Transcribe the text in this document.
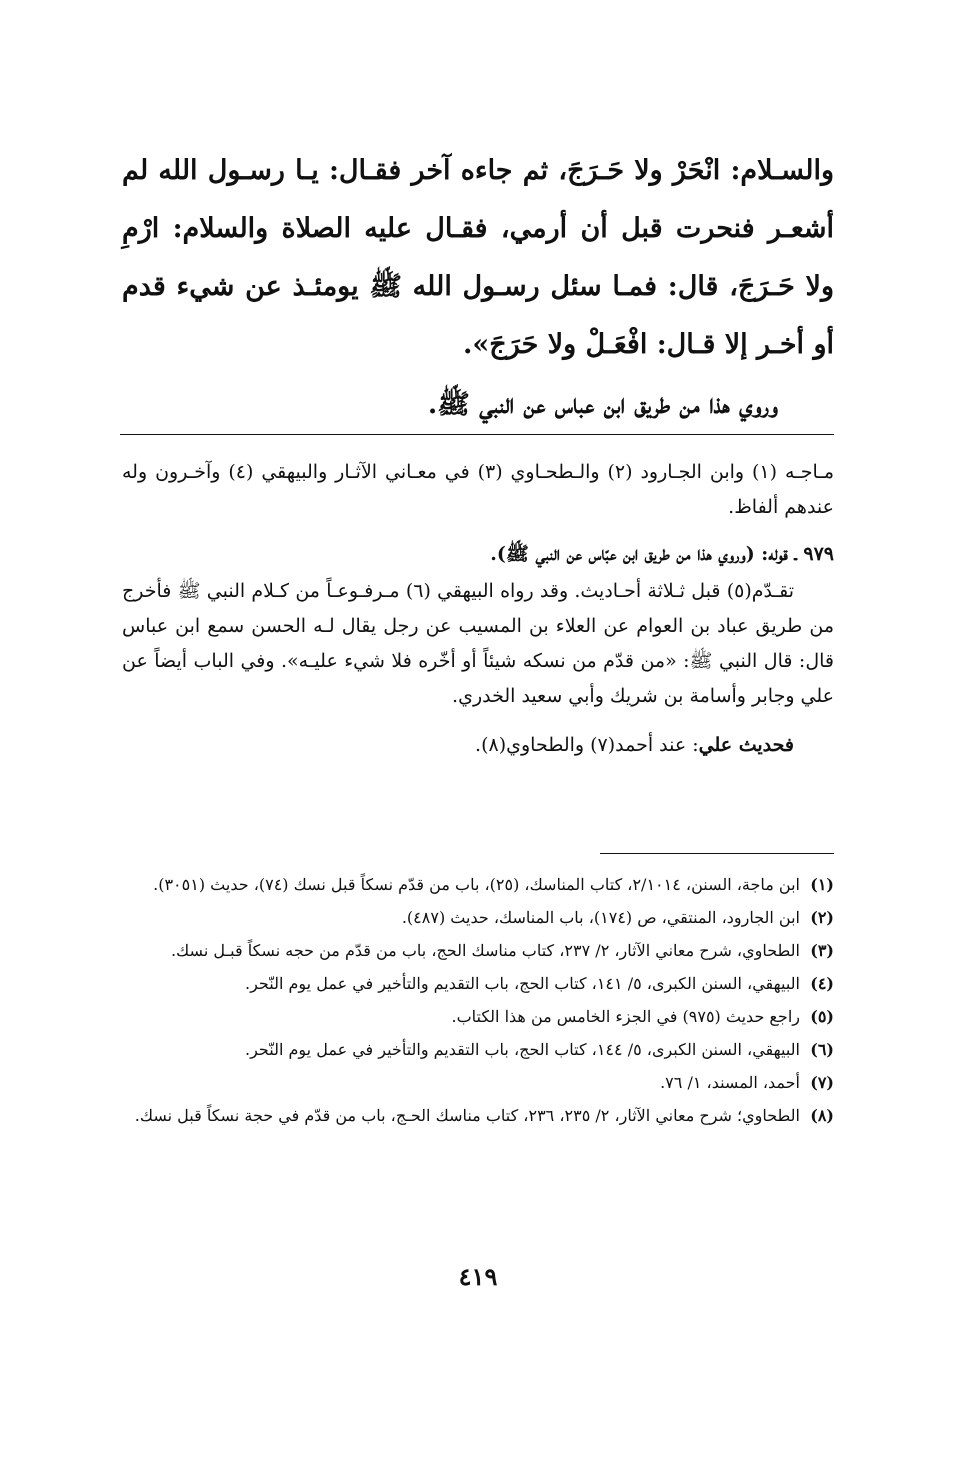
والسـلام: انْحَرْ ولا حَـرَجَ، ثم جاءه آخر فقـال: يـا رسـول الله لم أشعـر فنحرت قبل أن أرمي، فقـال عليه الصلاة والسلام: ارْمِ ولا حَـرَجَ، قال: فمـا سئل رسـول الله ﷺ يومئـذ عن شيء قدم أو أخـر إلا قـال: افْعَـلْ ولا حَرَجَ».

وروي هذا من طريق ابن عباس عن النبي ﷺ.

مـاجـه (١) وابن الجـارود (٢) والـطحـاوي (٣) في معـاني الآثـار والبيهقي (٤) وآخـرون وله عندهم ألفاظ.

٩٧٩ ـ قوله: (وروي هذا من طريق ابن عبّاس عن النبي ﷺ).

تقـدّم(٥) قبل ثـلاثة أحـاديث. وقد رواه البيهقي (٦) مـرفـوعـاً من كـلام النبي ﷺ فأخرج من طريق عباد بن العوام عن العلاء بن المسيب عن رجل يقال لـه الحسن سمع ابن عباس قال: قال النبي ﷺ: «من قدّم من نسكه شيئاً أو أخّره فلا شيء عليـه». وفي الباب أيضاً عن علي وجابر وأسامة بن شريك وأبي سعيد الخدري.

فحديث علي: عند أحمد(٧) والطحاوي(٨).

(١)
ابن ماجة، السنن، ٢/١٠١٤، كتاب المناسك، (٢٥)، باب من قدّم نسكاً قبل نسك (٧٤)، حديث (٣٠٥١).
(٢)
ابن الجارود، المنتقي، ص (١٧٤)، باب المناسك، حديث (٤٨٧).
(٣)
الطحاوي، شرح معاني الآثار، ٢/ ٢٣٧، كتاب مناسك الحج، باب من قدّم من حجه نسكاً قبـل نسك.
(٤)
البيهقي، السنن الكبرى، ٥/ ١٤١، كتاب الحج، باب التقديم والتأخير في عمل يوم النّحر.
(٥)
راجع حديث (٩٧٥) في الجزء الخامس من هذا الكتاب.
(٦)
البيهقي، السنن الكبرى، ٥/ ١٤٤، كتاب الحج، باب التقديم والتأخير في عمل يوم النّحر.
(٧)
أحمد، المسند، ١/ ٧٦.
(٨)
الطحاوي؛ شرح معاني الآثار، ٢/ ٢٣٥، ٢٣٦، كتاب مناسك الحـج، باب من قدّم في حجة نسكاً قبل نسك.
٤١٩
